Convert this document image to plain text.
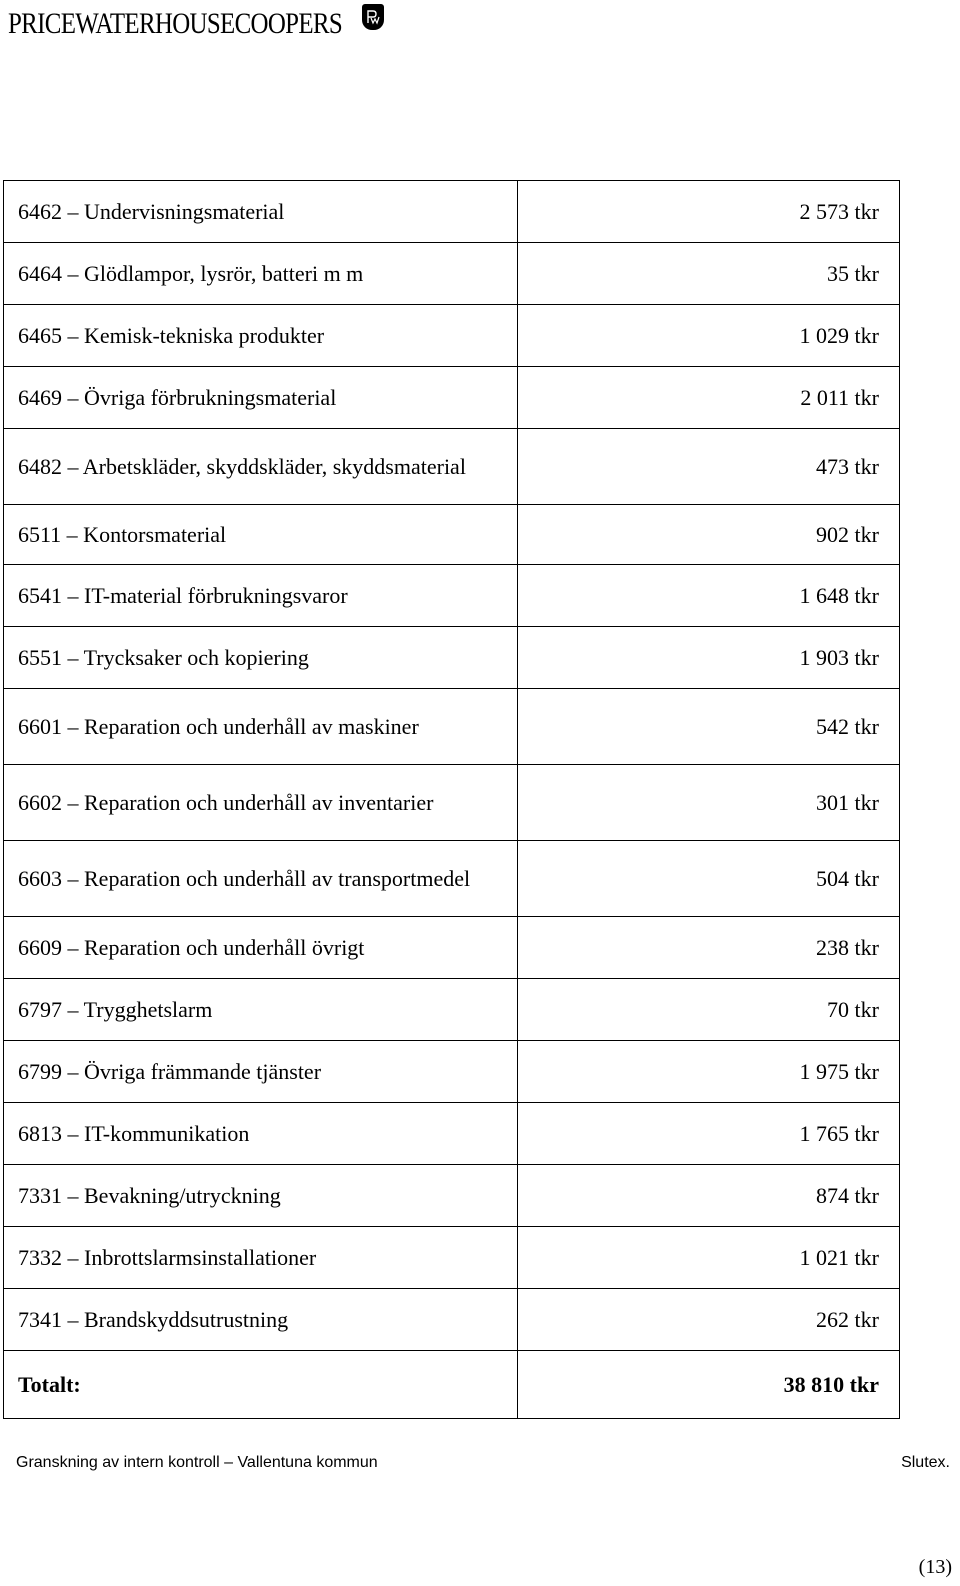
PRICEWATERHOUSECOOPERS
6462 – Undervisningsmaterial	2 573 tkr
6464 – Glödlampor, lysrör, batteri m m	35 tkr
6465 – Kemisk-tekniska produkter	1 029 tkr
6469 – Övriga förbrukningsmaterial	2 011 tkr
6482 – Arbetskläder, skyddskläder, skyddsmaterial	473 tkr
6511 – Kontorsmaterial	902 tkr
6541 – IT-material förbrukningsvaror	1 648 tkr
6551 – Trycksaker och kopiering	1 903 tkr
6601 – Reparation och underhåll av maskiner	542 tkr
6602 – Reparation och underhåll av inventarier	301 tkr
6603 – Reparation och underhåll av transportmedel	504 tkr
6609 – Reparation och underhåll övrigt	238 tkr
6797 – Trygghetslarm	70 tkr
6799 – Övriga främmande tjänster	1 975 tkr
6813 – IT-kommunikation	1 765 tkr
7331 – Bevakning/utryckning	874 tkr
7332 – Inbrottslarmsinstallationer	1 021 tkr
7341 – Brandskyddsutrustning	262 tkr
Totalt:	38 810 tkr
Granskning av intern kontroll – Vallentuna kommun	Slutex.
(13)
